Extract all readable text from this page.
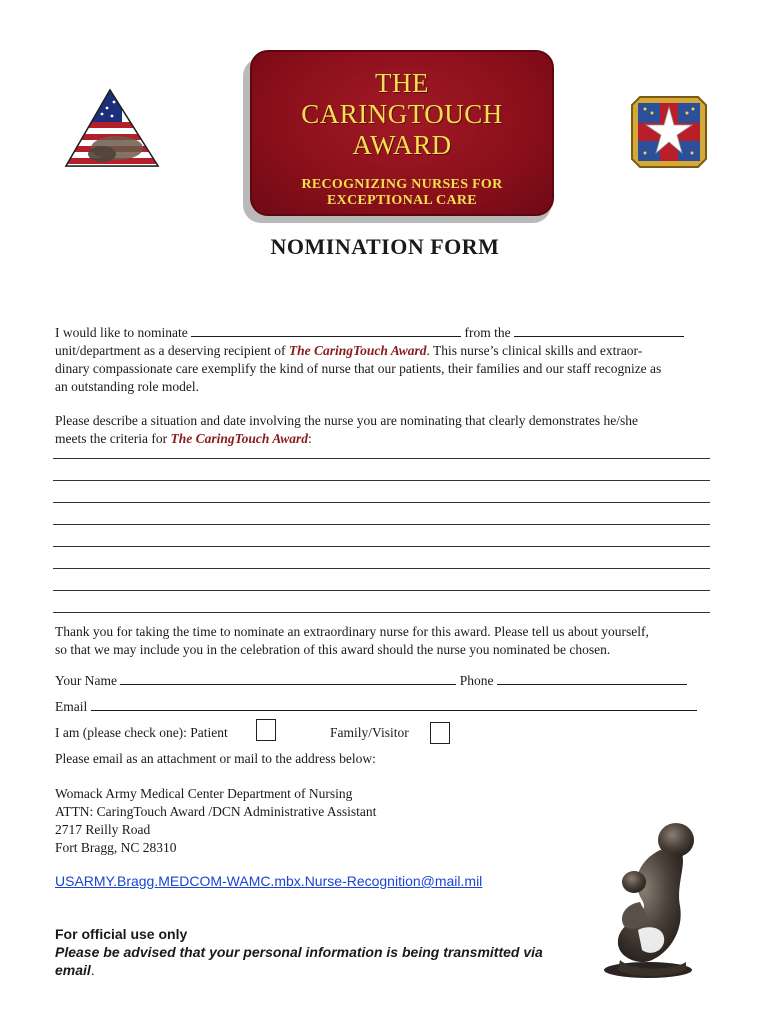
THE
CARINGTOUCH
AWARD
RECOGNIZING NURSES FOR
EXCEPTIONAL CARE
NOMINATION FORM
I would like to nominate	from the
unit/department as a deserving recipient of The CaringTouch Award. This nurse’s clinical skills and extraor-
dinary compassionate care exemplify the kind of nurse that our patients, their families and our staff recognize as
an outstanding role model.
Please describe a situation and date involving the nurse you are nominating that clearly demonstrates he/she
meets the criteria for The CaringTouch Award:
Thank you for taking the time to nominate an extraordinary nurse for this award. Please tell us about yourself,
so that we may include you in the celebration of this award should the nurse you nominated be chosen.
Your Name	Phone
Email
I am (please check one): Patient	Family/Visitor
Please email as an attachment or mail to the address below:
Womack Army Medical Center Department of Nursing
ATTN: CaringTouch Award /DCN Administrative Assistant
2717 Reilly Road
Fort Bragg, NC 28310
USARMY.Bragg.MEDCOM-WAMC.mbx.Nurse-Recognition@mail.mil
For official use only
Please be advised that your personal information is being transmitted via
email.
